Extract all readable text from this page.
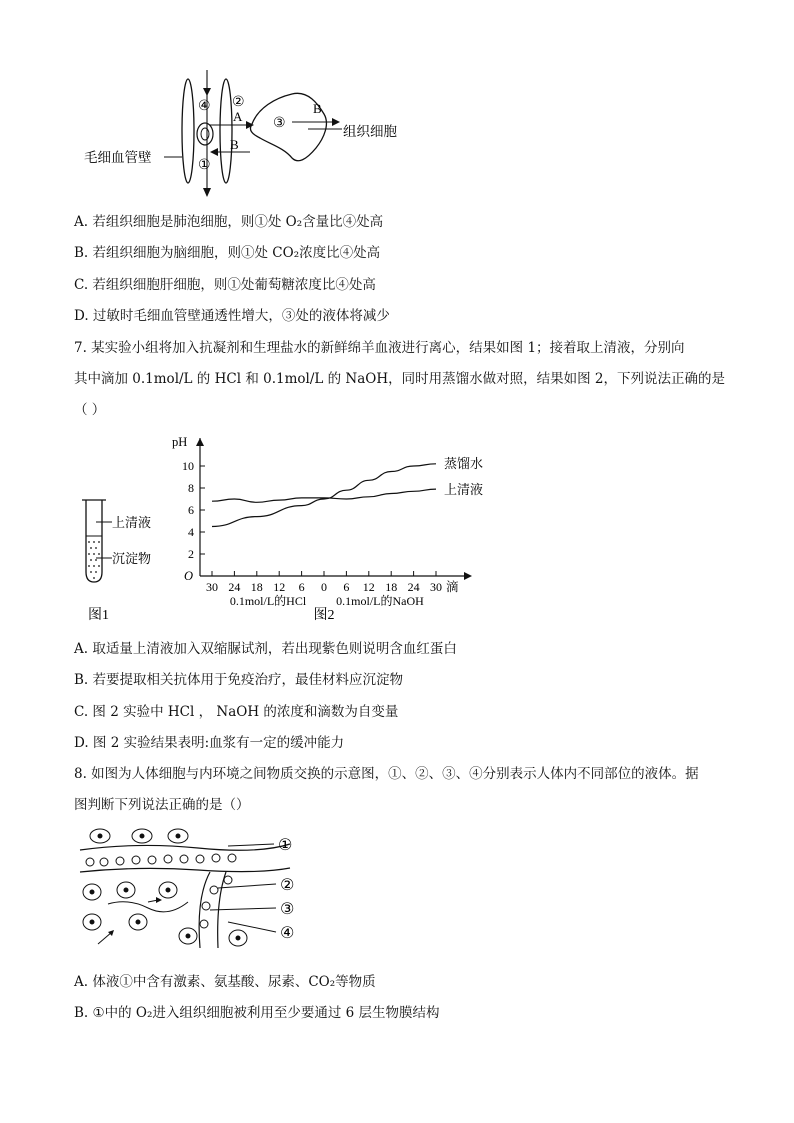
④ ②
A
B
①
③
B
组织细胞
毛细血管壁
A. 若组织细胞是肺泡细胞，则①处 O₂含量比④处高
B. 若组织细胞为脑细胞，则①处 CO₂浓度比④处高
C. 若组织细胞肝细胞，则①处葡萄糖浓度比④处高
D. 过敏时毛细血管壁通透性增大，③处的液体将减少
7. 某实验小组将加入抗凝剂和生理盐水的新鲜绵羊血液进行离心，结果如图 1；接着取上清液，分别向
其中滴加 0.1mol/L 的 HCl 和 0.1mol/L 的 NaOH，同时用蒸馏水做对照，结果如图 2，下列说法正确的是
（ ）
上清液
沉淀物
图1
2
4
6
8
10
pH
O
30 24 18 12 6 0 6 12 18 24 30 滴
0.1mol/L的HCl 0.1mol/L的NaOH
图2
蒸馏水
上清液
A. 取适量上清液加入双缩脲试剂，若出现紫色则说明含血红蛋白
B. 若要提取相关抗体用于免疫治疗，最佳材料应沉淀物
C. 图 2 实验中 HCl ， NaOH 的浓度和滴数为自变量
D. 图 2 实验结果表明:血浆有一定的缓冲能力
8. 如图为人体细胞与内环境之间物质交换的示意图，①、②、③、④分别表示人体内不同部位的液体。据
图判断下列说法正确的是（）
①
②
③
④
A. 体液①中含有激素、氨基酸、尿素、CO₂等物质
B. ①中的 O₂进入组织细胞被利用至少要通过 6 层生物膜结构
